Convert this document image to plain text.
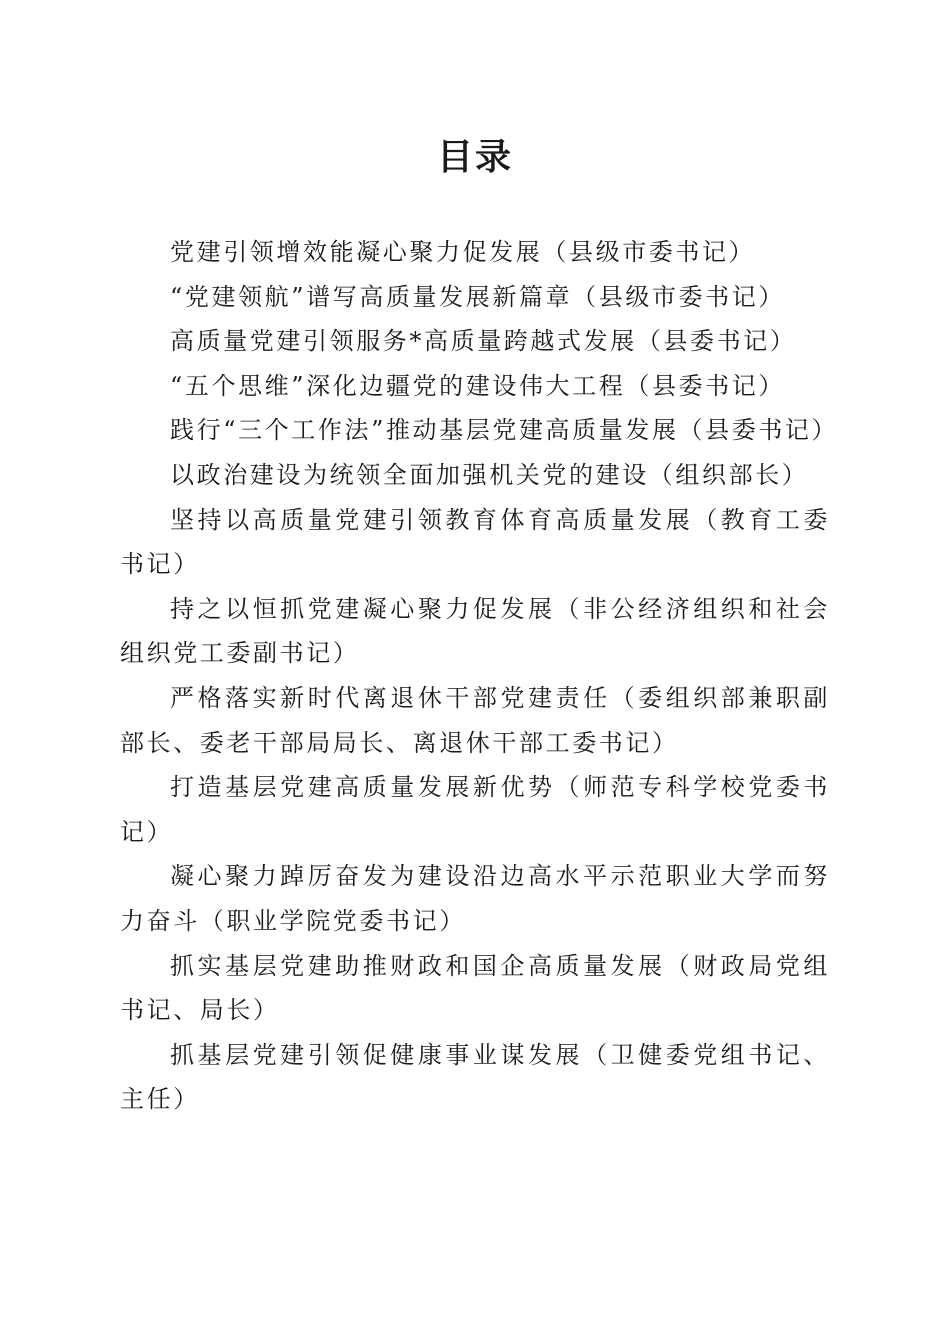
目录
党建引领增效能凝心聚力促发展（县级市委书记）
“党建领航”谱写高质量发展新篇章（县级市委书记）
高质量党建引领服务*高质量跨越式发展（县委书记）
“五个思维”深化边疆党的建设伟大工程（县委书记）
践行“三个工作法”推动基层党建高质量发展（县委书记）
以政治建设为统领全面加强机关党的建设（组织部长）
坚持以高质量党建引领教育体育高质量发展（教育工委书记）
持之以恒抓党建凝心聚力促发展（非公经济组织和社会组织党工委副书记）
严格落实新时代离退休干部党建责任（委组织部兼职副部长、委老干部局局长、离退休干部工委书记）
打造基层党建高质量发展新优势（师范专科学校党委书记）
凝心聚力踔厉奋发为建设沿边高水平示范职业大学而努力奋斗（职业学院党委书记）
抓实基层党建助推财政和国企高质量发展（财政局党组书记、局长）
抓基层党建引领促健康事业谋发展（卫健委党组书记、主任）
